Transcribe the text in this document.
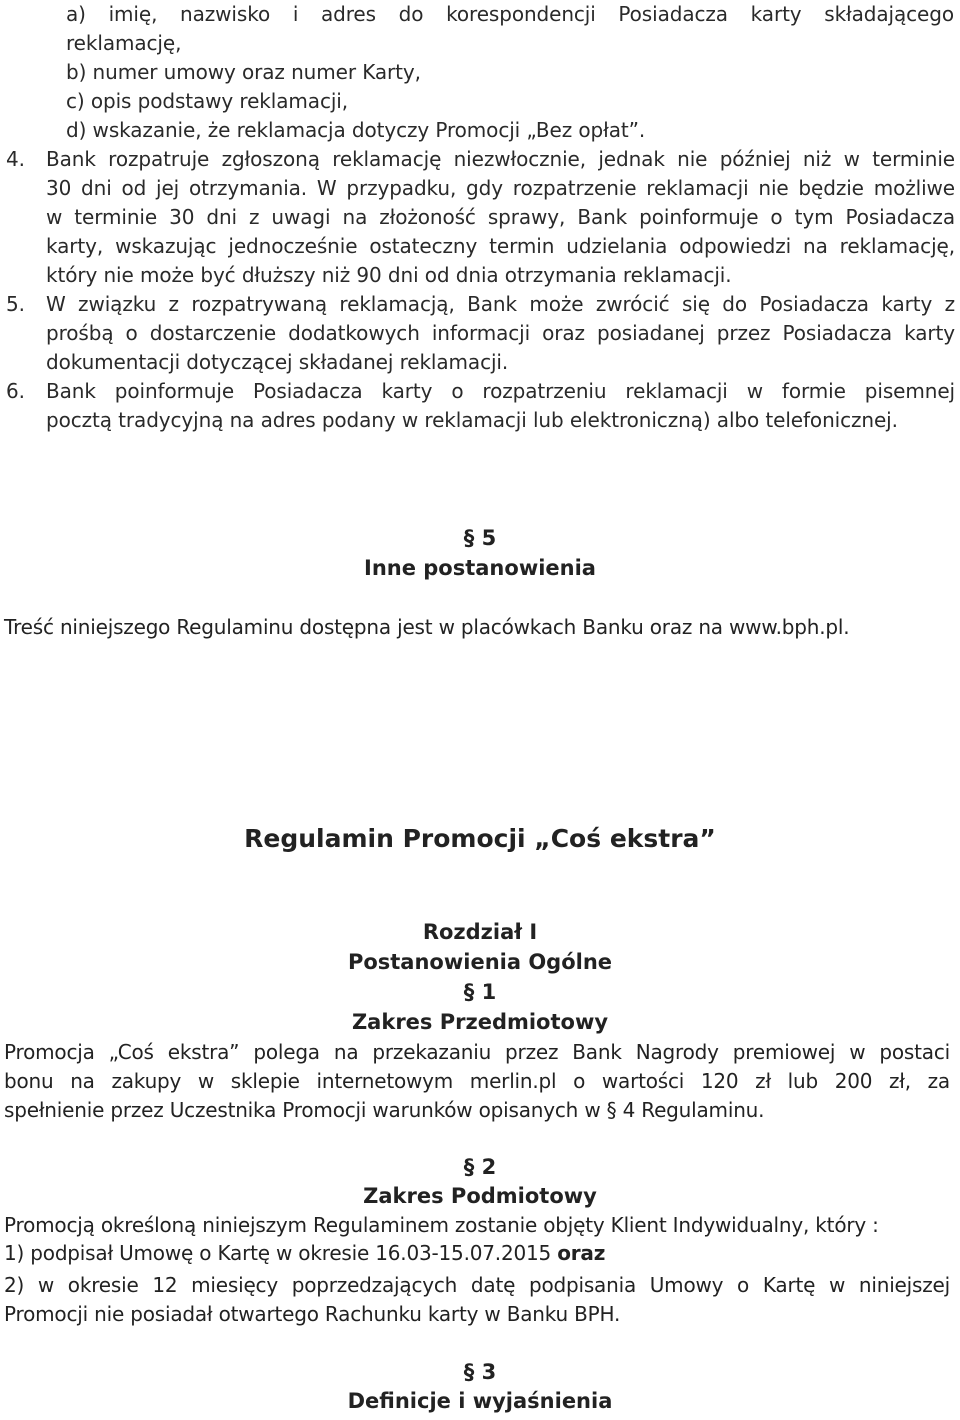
a) imię, nazwisko i adres do korespondencji Posiadacza karty składającego

reklamację,

b) numer umowy oraz numer Karty,

c) opis podstawy reklamacji,

d) wskazanie, że reklamacja dotyczy Promocji „Bez opłat”.

4. Bank rozpatruje zgłoszoną reklamację niezwłocznie, jednak nie później niż w terminie

30 dni od jej otrzymania. W przypadku, gdy rozpatrzenie reklamacji nie będzie możliwe

w terminie 30 dni z uwagi na złożoność sprawy, Bank poinformuje o tym Posiadacza

karty, wskazując jednocześnie ostateczny termin udzielania odpowiedzi na reklamację,

który nie może być dłuższy niż 90 dni od dnia otrzymania reklamacji.

5. W związku z rozpatrywaną reklamacją, Bank może zwrócić się do Posiadacza karty z

prośbą o dostarczenie dodatkowych informacji oraz posiadanej przez Posiadacza karty

dokumentacji dotyczącej składanej reklamacji.

6. Bank poinformuje Posiadacza karty o rozpatrzeniu reklamacji w formie pisemnej

pocztą tradycyjną na adres podany w reklamacji lub elektroniczną) albo telefonicznej.

§ 5

Inne postanowienia

Treść niniejszego Regulaminu dostępna jest w placówkach Banku oraz na www.bph.pl.

Regulamin Promocji „Coś ekstra”

Rozdział I

Postanowienia Ogólne

§ 1

Zakres Przedmiotowy

Promocja „Coś ekstra” polega na przekazaniu przez Bank Nagrody premiowej w postaci

bonu na zakupy w sklepie internetowym merlin.pl o wartości 120 zł lub 200 zł, za

spełnienie przez Uczestnika Promocji warunków opisanych w § 4 Regulaminu.

§ 2

Zakres Podmiotowy

Promocją określoną niniejszym Regulaminem zostanie objęty Klient Indywidualny, który :

1) podpisał Umowę o Kartę w okresie 16.03-15.07.2015 oraz

2) w okresie 12 miesięcy poprzedzających datę podpisania Umowy o Kartę w niniejszej

Promocji nie posiadał otwartego Rachunku karty w Banku BPH.

§ 3

Definicje i wyjaśnienia
